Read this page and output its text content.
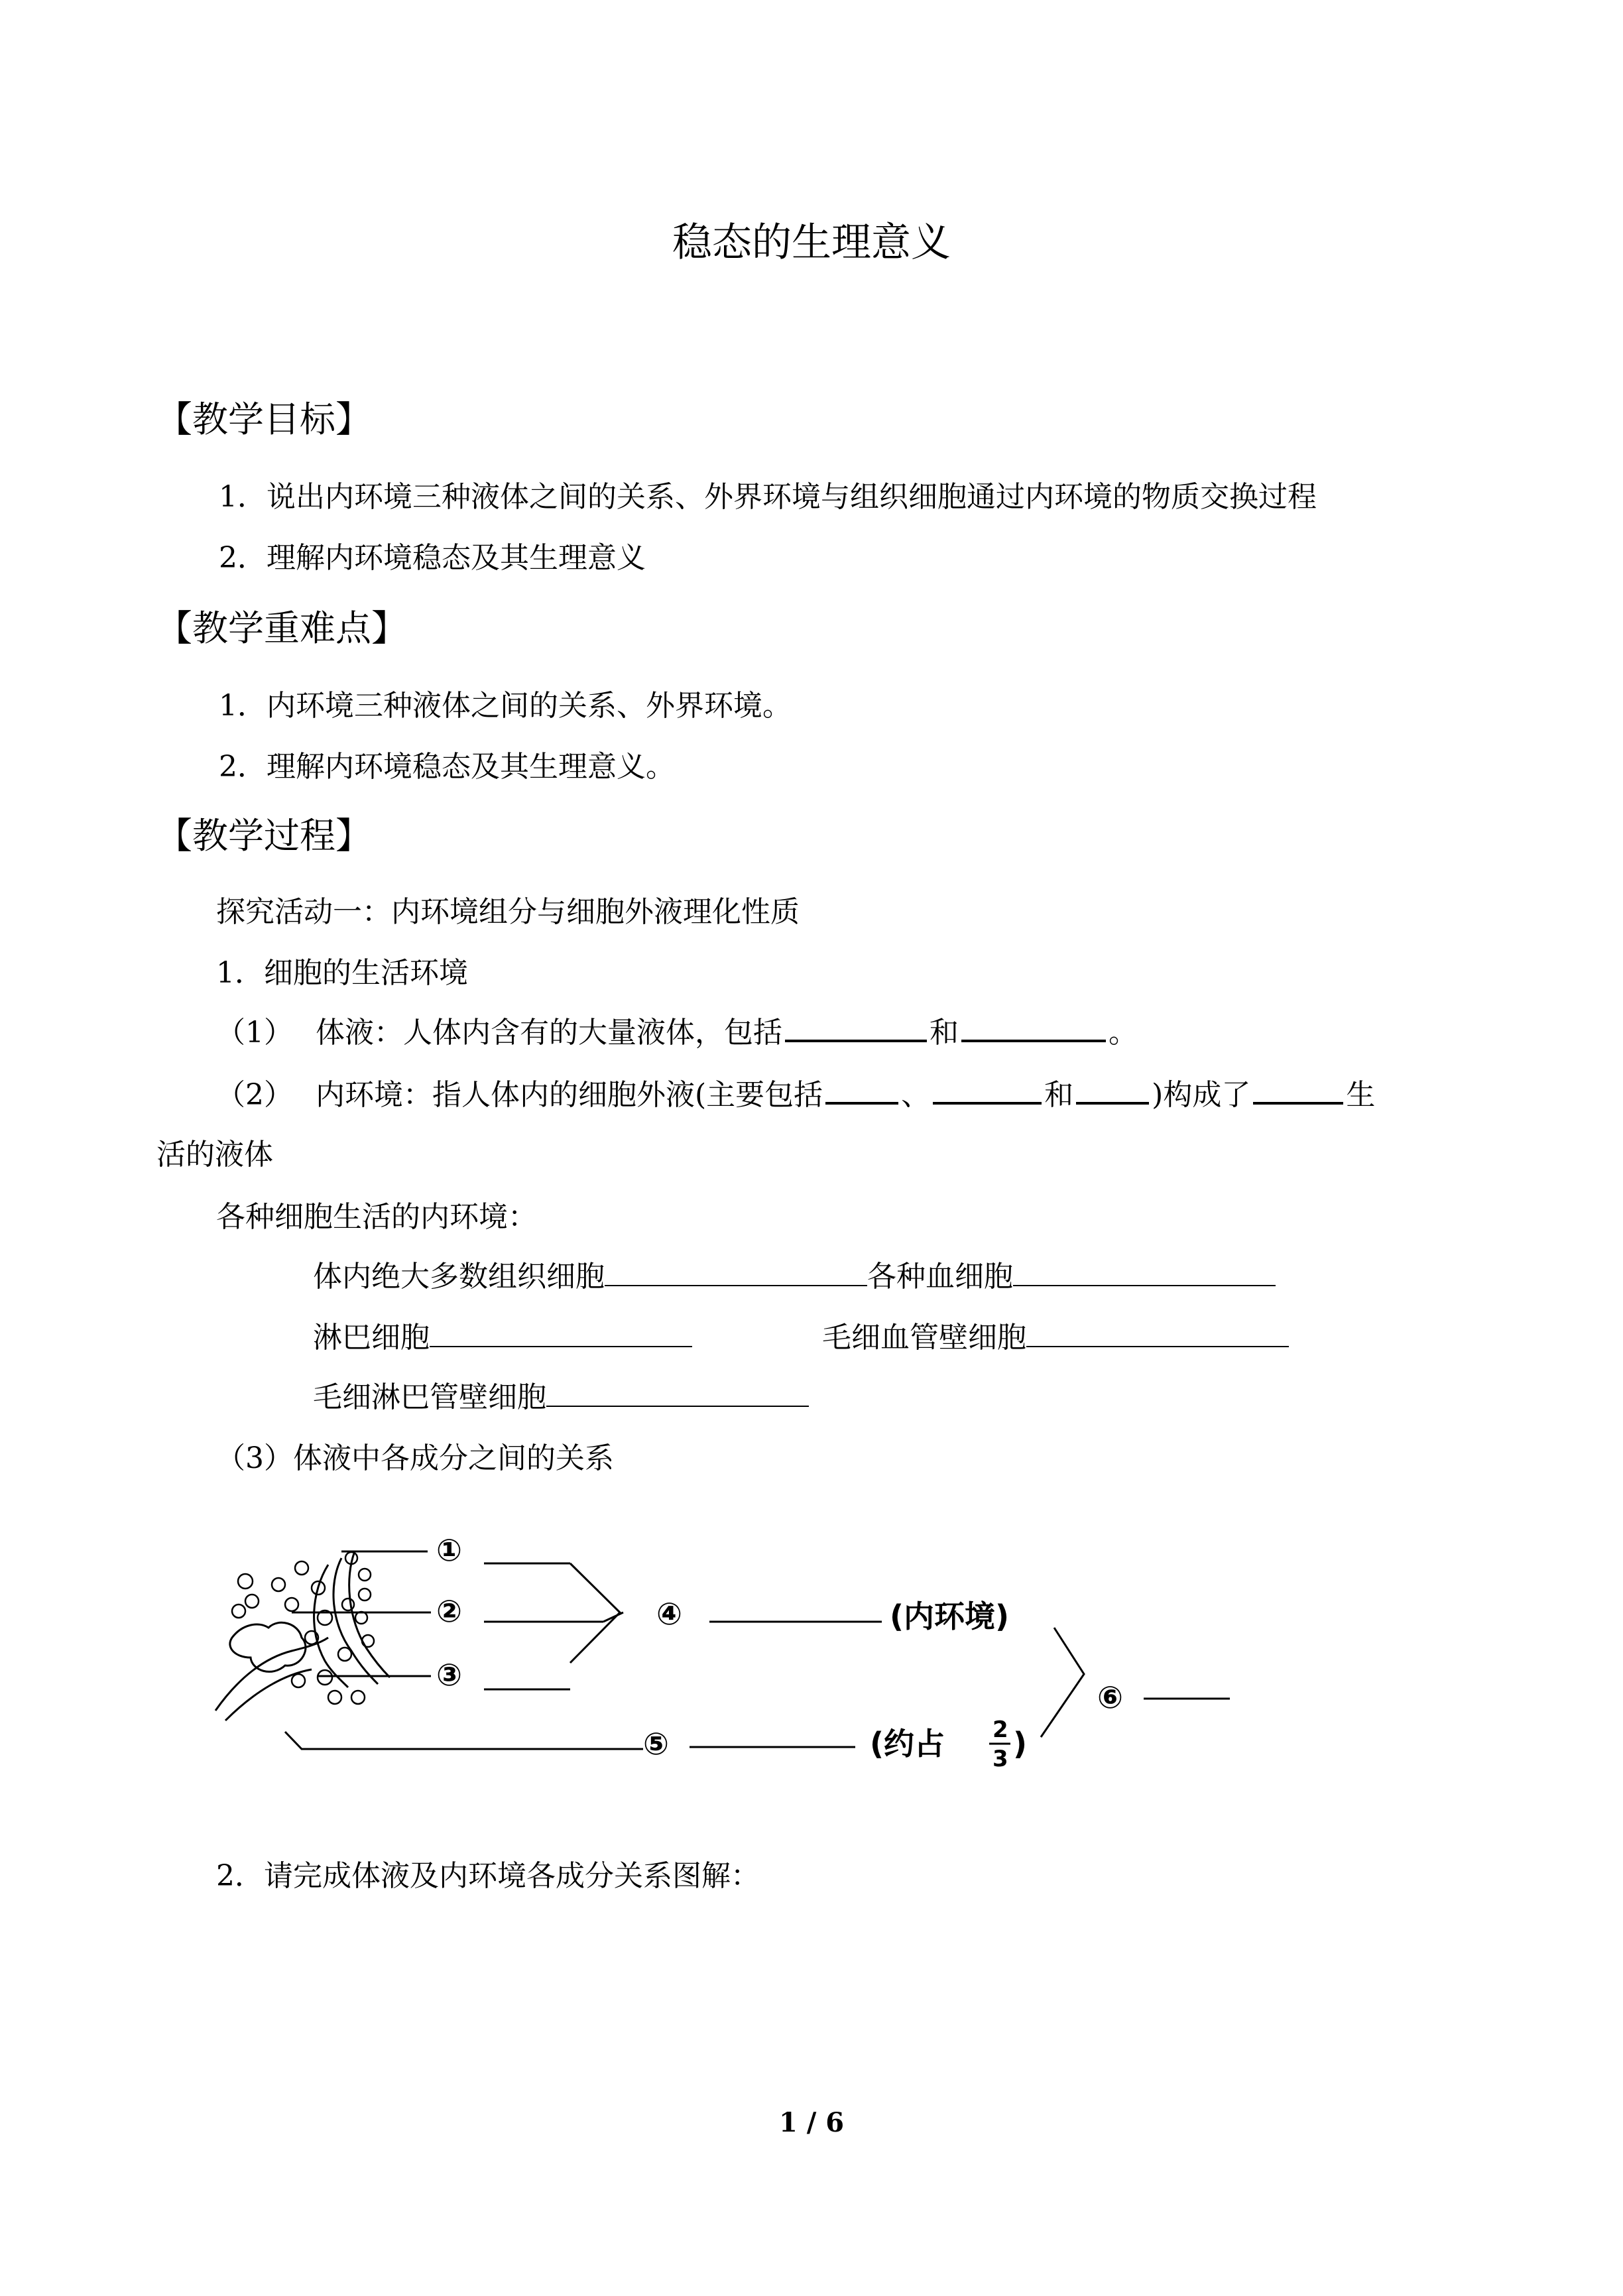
稳态的生理意义
【教学目标】
1．说出内环境三种液体之间的关系、外界环境与组织细胞通过内环境的物质交换过程
2．理解内环境稳态及其生理意义
【教学重难点】
1．内环境三种液体之间的关系、外界环境。
2．理解内环境稳态及其生理意义。
【教学过程】
探究活动一：内环境组分与细胞外液理化性质
1．细胞的生活环境
（1） 体液：人体内含有的大量液体，包括	和	。
（2） 内环境：指人体内的细胞外液(主要包括	、	和	)构成了	生
活的液体
各种细胞生活的内环境：
体内绝大多数组织细胞	各种血细胞
淋巴细胞	毛细血管壁细胞
毛细淋巴管壁细胞
（3）体液中各成分之间的关系
①
②
③
④	(内环境)
⑤	(约占 2
3 )
⑥
2．请完成体液及内环境各成分关系图解：
1 / 6
